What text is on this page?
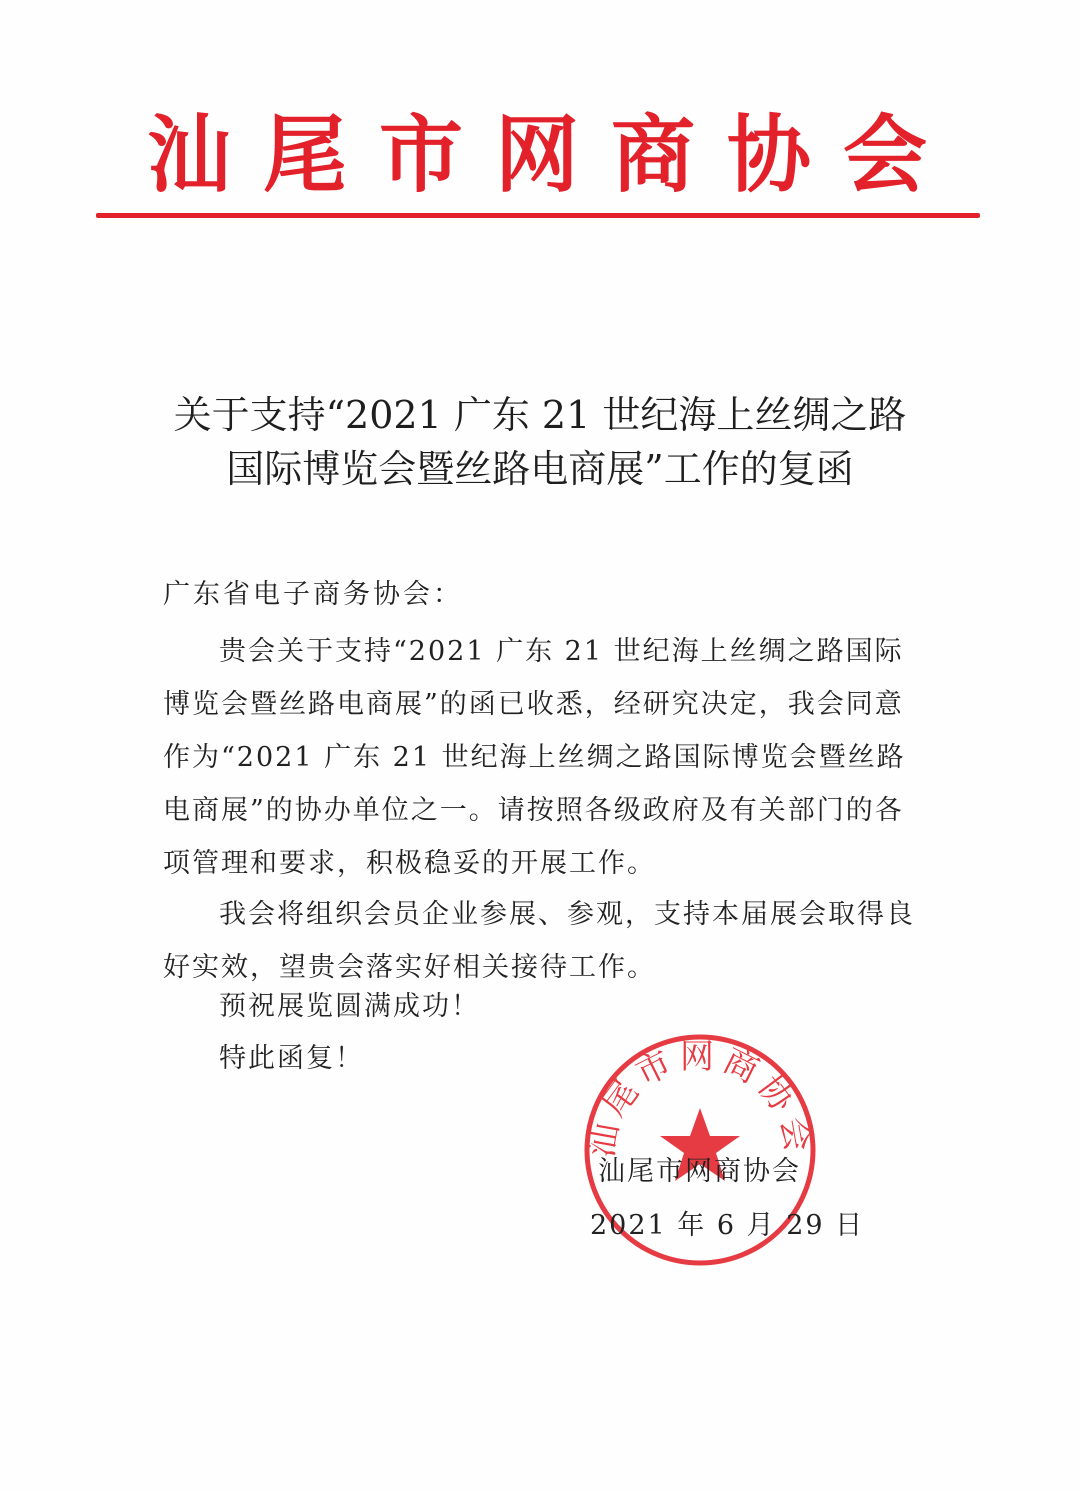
汕尾市网商协会
关于支持“2021 广东 21 世纪海上丝绸之路
国际博览会暨丝路电商展”工作的复函
广东省电子商务协会：

贵会关于支持“2021 广东 21 世纪海上丝绸之路国际博览会暨丝路电商展”的函已收悉，经研究决定，我会同意作为“2021 广东 21 世纪海上丝绸之路国际博览会暨丝路电商展”的协办单位之一。请按照各级政府及有关部门的各项管理和要求，积极稳妥的开展工作。

我会将组织会员企业参展、参观，支持本届展会取得良好实效，望贵会落实好相关接待工作。

预祝展览圆满成功！

特此函复！

汕尾市网商协会
汕尾市网商协会
2021 年 6 月 29 日
